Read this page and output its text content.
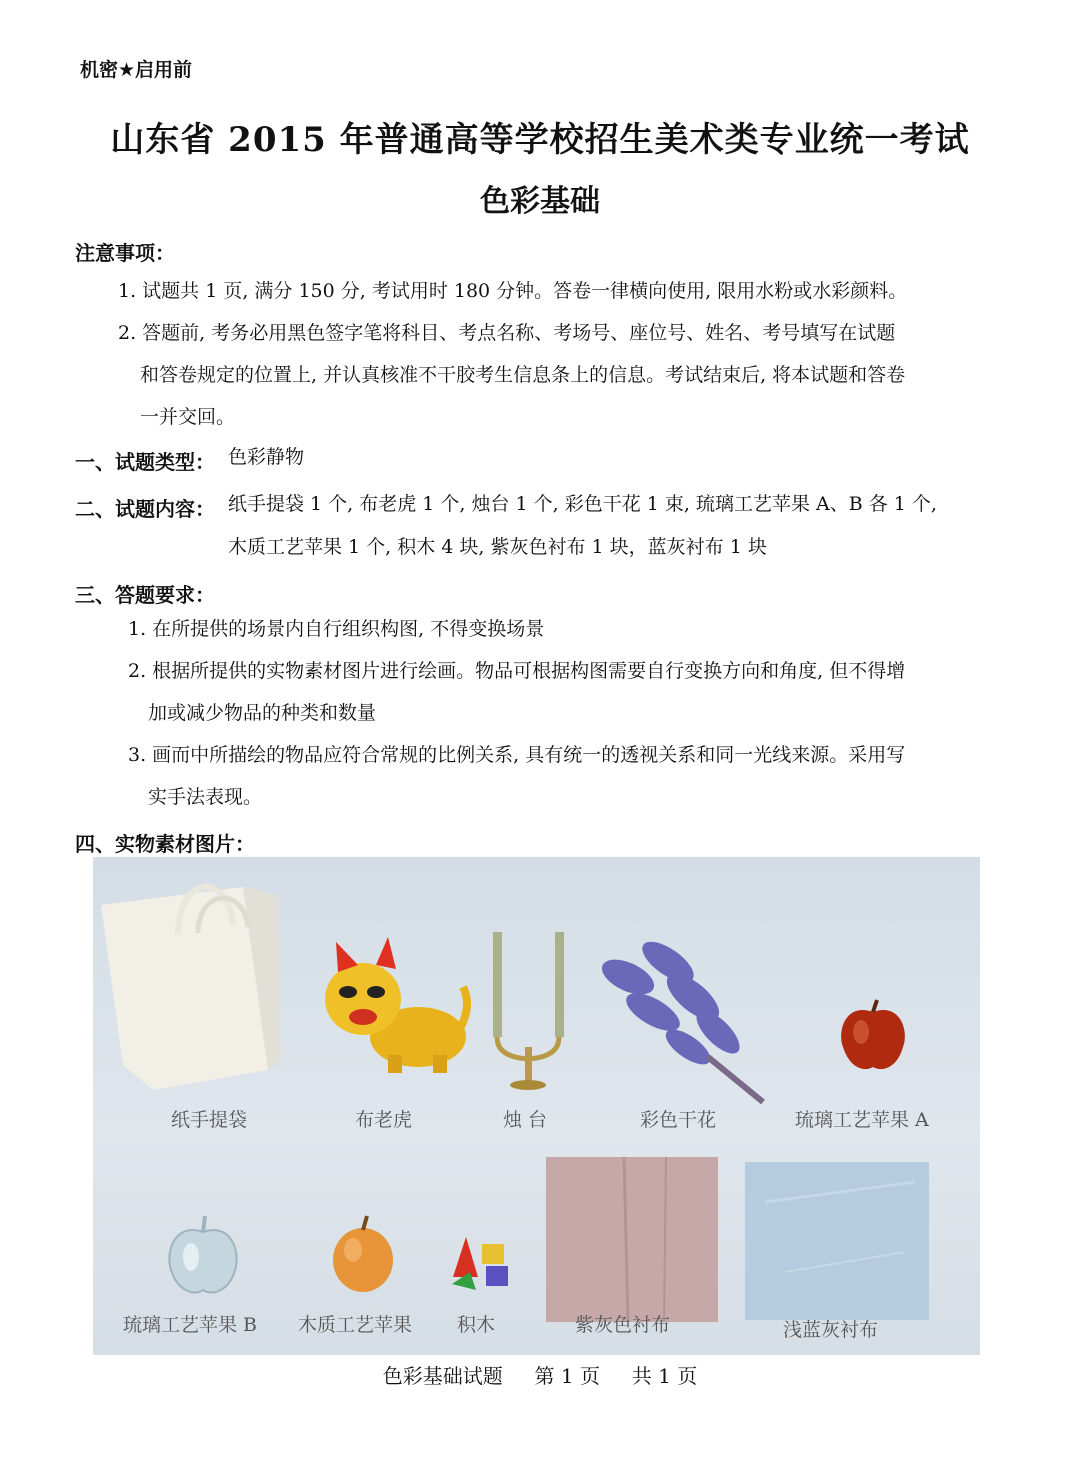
机密★启用前
山东省 2015 年普通高等学校招生美术类专业统一考试
色彩基础
注意事项：
1. 试题共 1 页, 满分 150 分, 考试用时 180 分钟。答卷一律横向使用, 限用水粉或水彩颜料。
2. 答题前, 考务必用黑色签字笔将科目、考点名称、考场号、座位号、姓名、考号填写在试题
和答卷规定的位置上, 并认真核准不干胶考生信息条上的信息。考试结束后, 将本试题和答卷
一并交回。
一、试题类型： 色彩静物
二、试题内容： 纸手提袋 1 个, 布老虎 1 个, 烛台 1 个, 彩色干花 1 束, 琉璃工艺苹果 A、B 各 1 个,
木质工艺苹果 1 个, 积木 4 块, 紫灰色衬布 1 块，蓝灰衬布 1 块
三、答题要求：
1. 在所提供的场景内自行组织构图, 不得变换场景
2. 根据所提供的实物素材图片进行绘画。物品可根据构图需要自行变换方向和角度, 但不得增
加或减少物品的种类和数量
3. 画而中所描绘的物品应符合常规的比例关系, 具有统一的透视关系和同一光线来源。采用写
实手法表现。
四、实物素材图片：
纸手提袋	布老虎	烛 台	彩色干花	琉璃工艺苹果 A
琉璃工艺苹果 B 木质工艺苹果 积木	紫灰色衬布	浅蓝灰衬布
色彩基础试题     第 1 页     共 1 页
